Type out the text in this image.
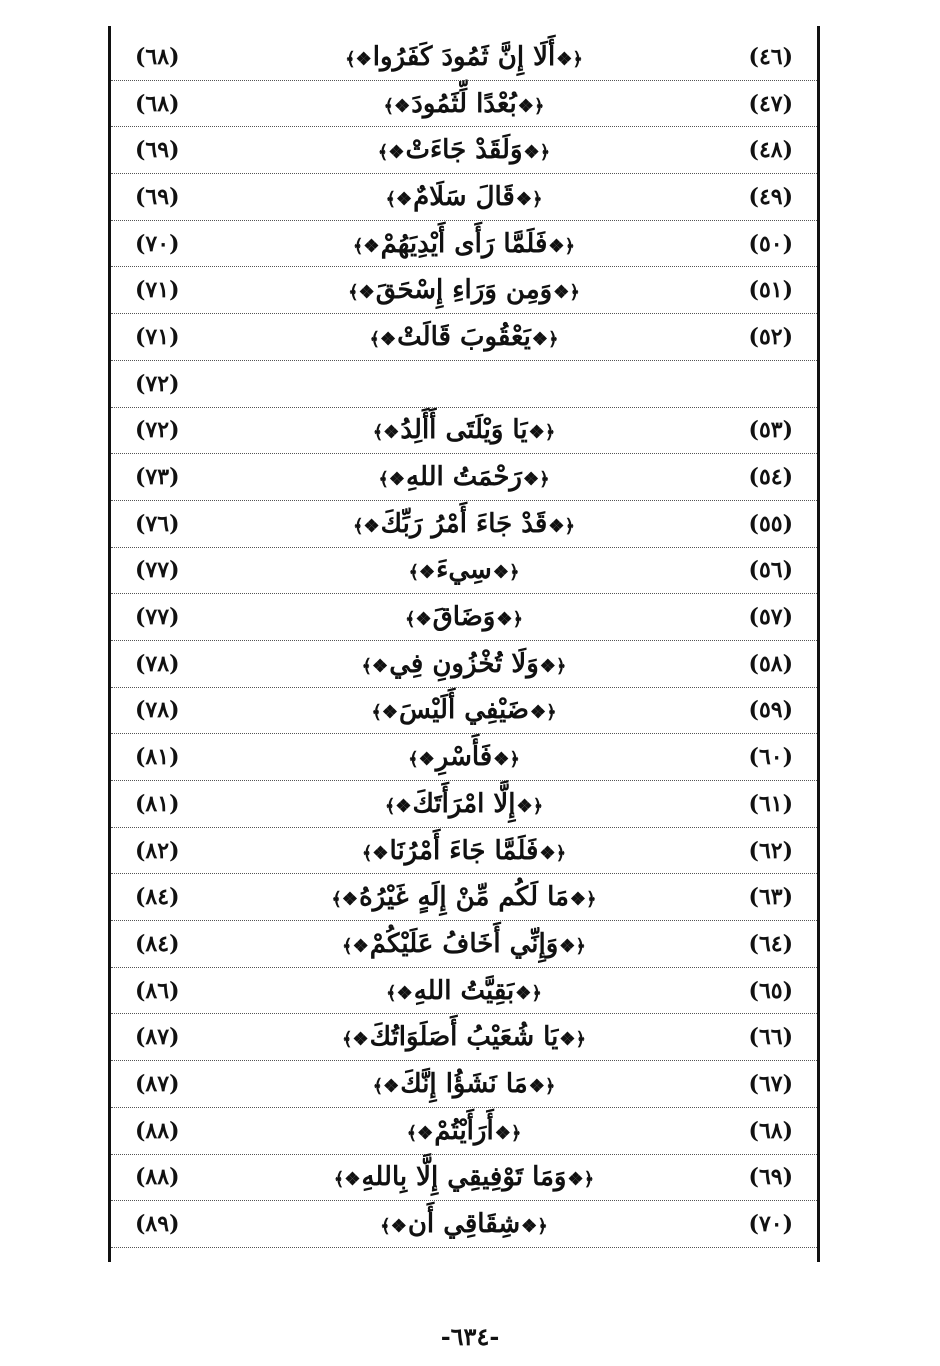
(٦٨)	﴿❖أَلَا إِنَّ ثَمُودَ كَفَرُوا❖﴾	(٤٦)
(٦٨)	﴿❖بُعْدًا لِّثَمُودَ❖﴾	(٤٧)
(٦٩)	﴿❖وَلَقَدْ جَاءَتْ❖﴾	(٤٨)
(٦٩)	﴿❖قَالَ سَلَامٌ❖﴾	(٤٩)
(٧٠)	﴿❖فَلَمَّا رَأَى أَيْدِيَهُمْ❖﴾	(٥٠)
(٧١)	﴿❖وَمِن وَرَاءِ إِسْحَقَ❖﴾	(٥١)
(٧١)	﴿❖يَعْقُوبَ قَالَتْ❖﴾	(٥٢)
(٧٢)
(٧٢)	﴿❖يَا وَيْلَتَى أَأَلِدُ❖﴾	(٥٣)
(٧٣)	﴿❖رَحْمَتُ اللهِ❖﴾	(٥٤)
(٧٦)	﴿❖قَدْ جَاءَ أَمْرُ رَبِّكَ❖﴾	(٥٥)
(٧٧)	﴿❖سِيءَ❖﴾	(٥٦)
(٧٧)	﴿❖وَضَاقَ❖﴾	(٥٧)
(٧٨)	﴿❖وَلَا تُخْزُونِ فِي❖﴾	(٥٨)
(٧٨)	﴿❖ضَيْفِي أَلَيْسَ❖﴾	(٥٩)
(٨١)	﴿❖فَأَسْرِ❖﴾	(٦٠)
(٨١)	﴿❖إِلَّا امْرَأَتَكَ❖﴾	(٦١)
(٨٢)	﴿❖فَلَمَّا جَاءَ أَمْرُنَا❖﴾	(٦٢)
(٨٤)	﴿❖مَا لَكُم مِّنْ إِلَهٍ غَيْرُهُ❖﴾	(٦٣)
(٨٤)	﴿❖وَإِنِّي أَخَافُ عَلَيْكُمْ❖﴾	(٦٤)
(٨٦)	﴿❖بَقِيَّتُ اللهِ❖﴾	(٦٥)
(٨٧)	﴿❖يَا شُعَيْبُ أَصَلَوَاتُكَ❖﴾	(٦٦)
(٨٧)	﴿❖مَا نَشَؤُا إِنَّكَ❖﴾	(٦٧)
(٨٨)	﴿❖أَرَأَيْتُمْ❖﴾	(٦٨)
(٨٨)	﴿❖وَمَا تَوْفِيقِي إِلَّا بِاللهِ❖﴾	(٦٩)
(٨٩)	﴿❖شِقَاقِي أَن❖﴾	(٧٠)
-٦٣٤-
